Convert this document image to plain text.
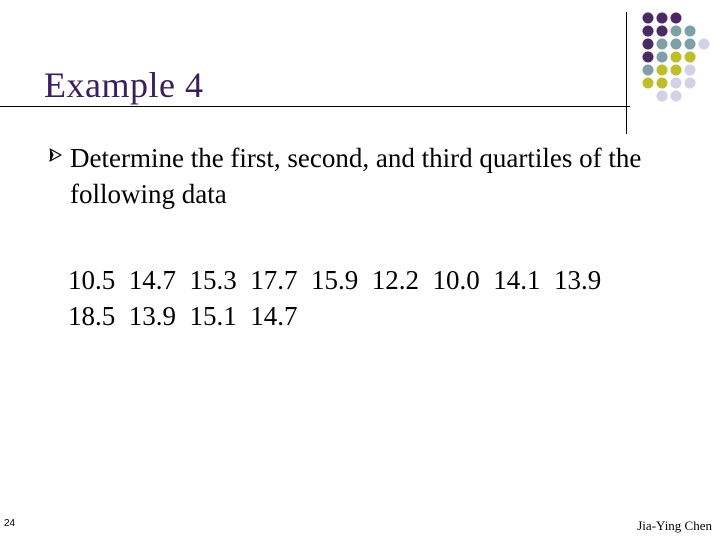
Example 4
Determine the first, second, and third quartiles of the following data
10.5  14.7  15.3  17.7  15.9  12.2  10.0  14.1  13.9
18.5  13.9  15.1  14.7
24	Jia-Ying Chen
